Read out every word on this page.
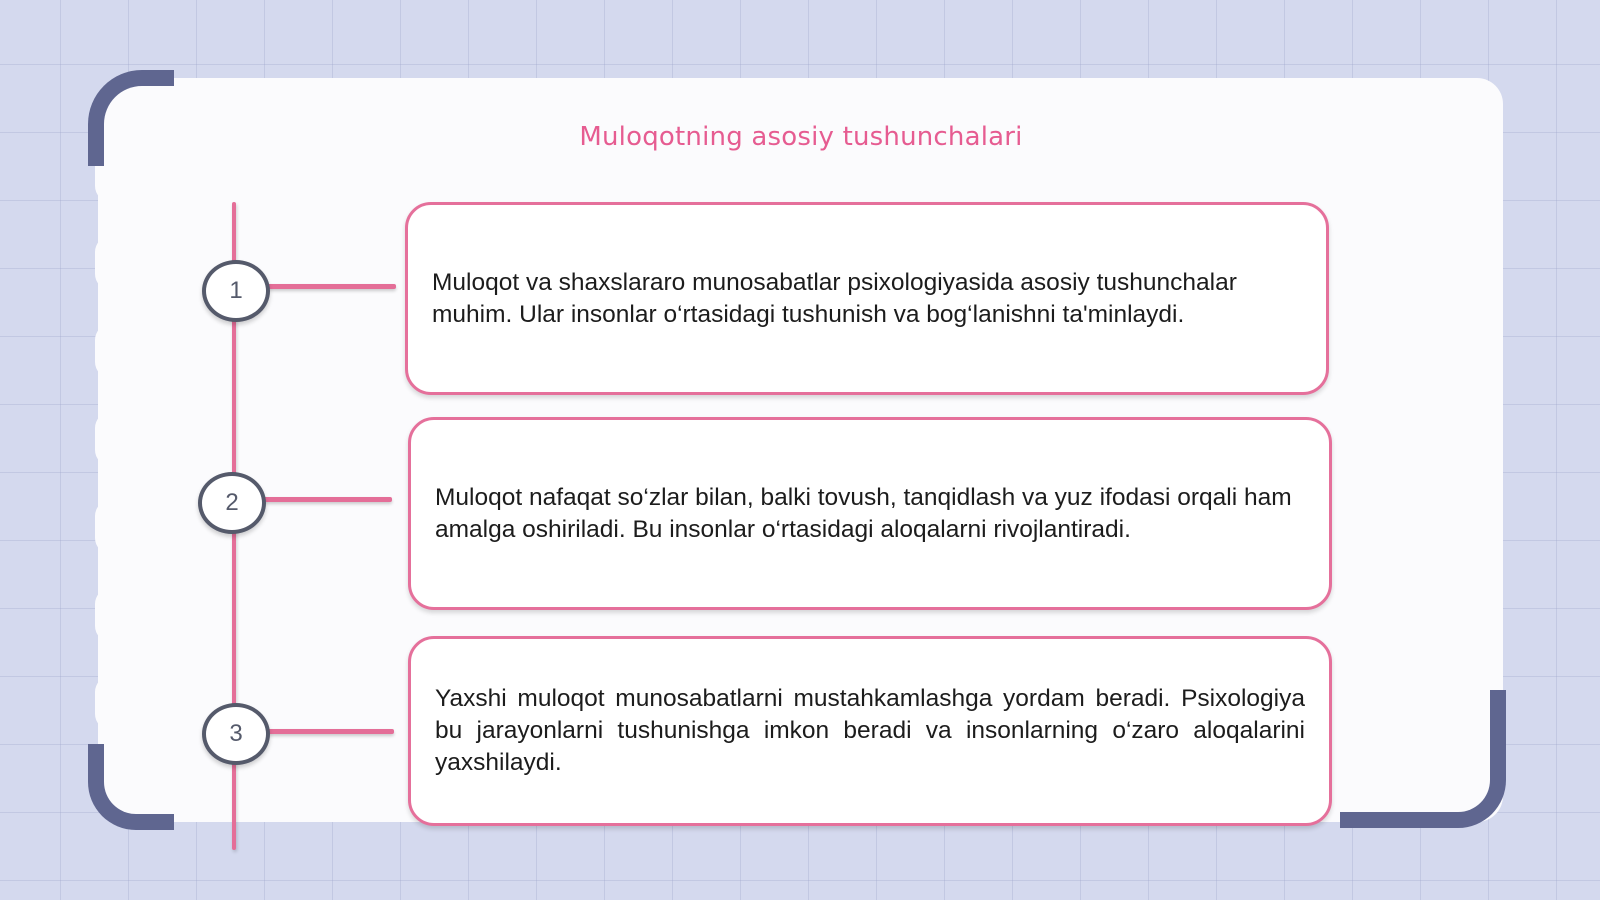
Muloqotning asosiy tushunchalari
1
2
3

Muloqot va shaxslararo munosabatlar psixologiyasida asosiy tushunchalar muhim. Ular insonlar o‘rtasidagi tushunish va bog‘lanishni ta'minlaydi.

Muloqot nafaqat so‘zlar bilan, balki tovush, tanqidlash va yuz ifodasi orqali ham amalga oshiriladi. Bu insonlar o‘rtasidagi aloqalarni rivojlantiradi.

Yaxshi muloqot munosabatlarni mustahkamlashga yordam beradi. Psixologiya bu jarayonlarni tushunishga imkon beradi va insonlarning o‘zaro aloqalarini yaxshilaydi.
